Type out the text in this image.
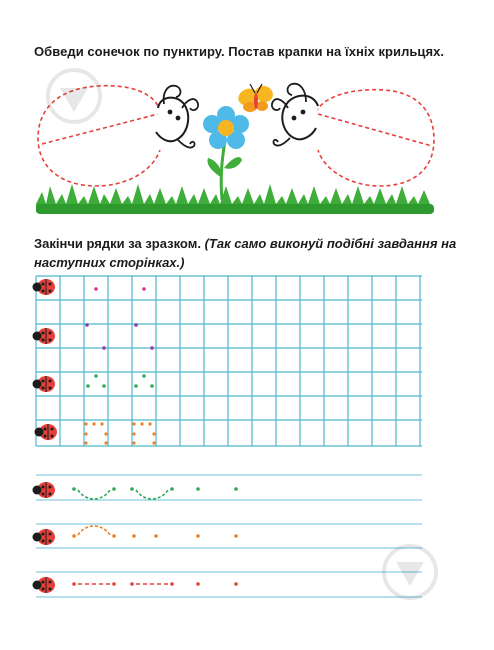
Обведи сонечок по пунктиру. Постав крапки на їхніх крильцях.
Закінчи рядки за зразком. (Так само виконуй подібні завдання на наступних сторінках.)
